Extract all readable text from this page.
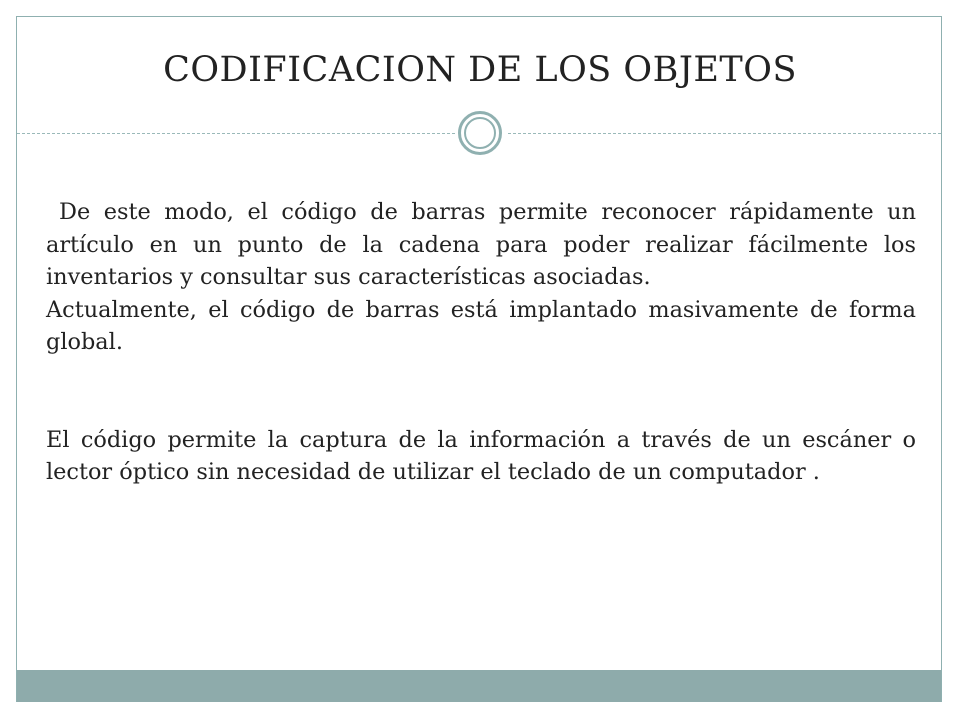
CODIFICACION DE LOS OBJETOS

De este modo, el código de barras permite reconocer rápidamente un artículo en un punto de la cadena para poder realizar fácilmente los inventarios y consultar sus características asociadas.

Actualmente, el código de barras está implantado masivamente de forma global.

El código permite la captura de la información a través de un escáner o lector óptico sin necesidad de utilizar el teclado de un computador .
